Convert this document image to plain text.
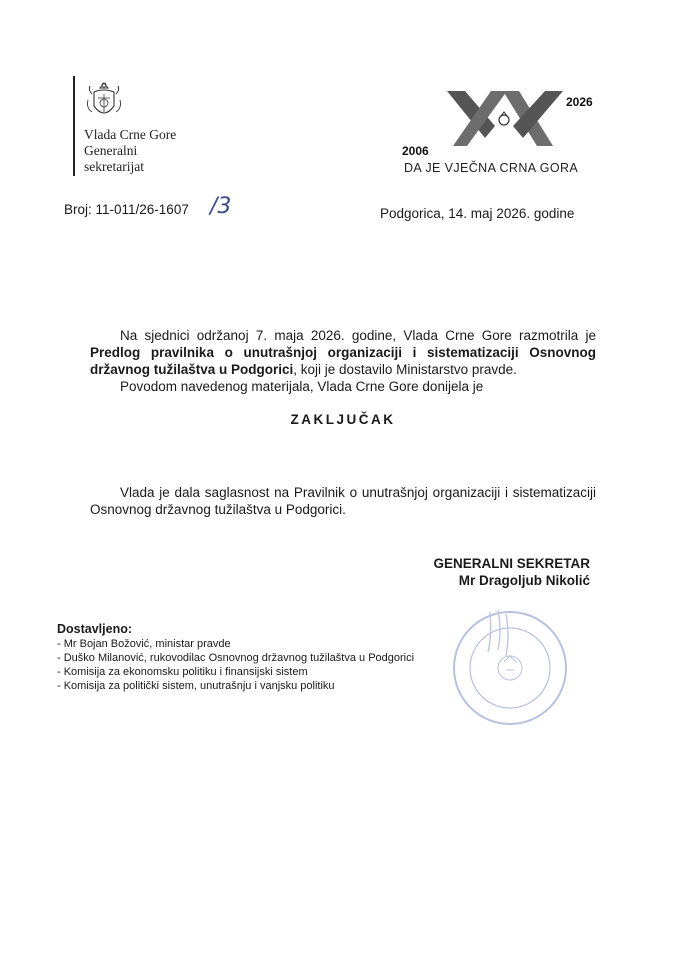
Vlada Crne Gore
Generalni
sekretarijat
2006
2026
DA JE VJEČNA CRNA GORA
Broj: 11-011/26-1607 /3	Podgorica, 14. maj 2026. godine
Na sjednici održanoj 7. maja 2026. godine, Vlada Crne Gore razmotrila je Predlog pravilnika o unutrašnjoj organizaciji i sistematizaciji Osnovnog državnog tužilaštva u Podgorici, koji je dostavilo Ministarstvo pravde.
Povodom navedenog materijala, Vlada Crne Gore donijela je
ZAKLJUČAK
Vlada je dala saglasnost na Pravilnik o unutrašnjoj organizaciji i sistematizaciji Osnovnog državnog tužilaštva u Podgorici.
GENERALNI SEKRETAR
Mr Dragoljub Nikolić
Dostavljeno:
- Mr Bojan Božović, ministar pravde
- Duško Milanović, rukovodilac Osnovnog državnog tužilaštva u Podgorici
- Komisija za ekonomsku politiku i finansijski sistem
- Komisija za politički sistem, unutrašnju i vanjsku politiku
